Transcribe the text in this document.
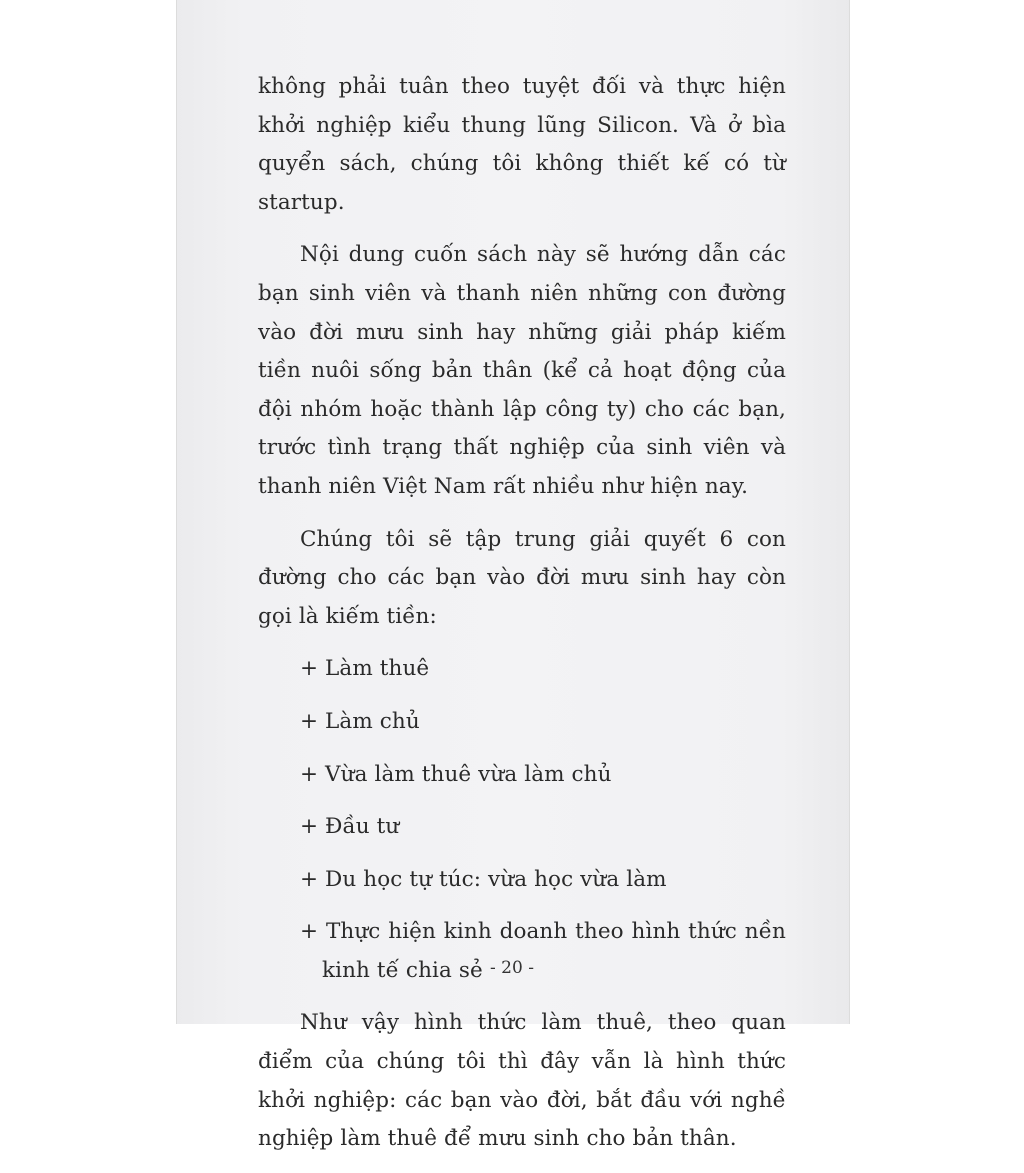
không phải tuân theo tuyệt đối và thực hiện khởi nghiệp kiểu thung lũng Silicon. Và ở bìa quyển sách, chúng tôi không thiết kế có từ startup.

Nội dung cuốn sách này sẽ hướng dẫn các bạn sinh viên và thanh niên những con đường vào đời mưu sinh hay những giải pháp kiếm tiền nuôi sống bản thân (kể cả hoạt động của đội nhóm hoặc thành lập công ty) cho các bạn, trước tình trạng thất nghiệp của sinh viên và thanh niên Việt Nam rất nhiều như hiện nay.

Chúng tôi sẽ tập trung giải quyết 6 con đường cho các bạn vào đời mưu sinh hay còn gọi là kiếm tiền:

+ Làm thuê
+ Làm chủ
+ Vừa làm thuê vừa làm chủ
+ Đầu tư
+ Du học tự túc: vừa học vừa làm
+ Thực hiện kinh doanh theo hình thức nền kinh tế chia sẻ

Như vậy hình thức làm thuê, theo quan điểm của chúng tôi thì đây vẫn là hình thức khởi nghiệp: các bạn vào đời, bắt đầu với nghề nghiệp làm thuê để mưu sinh cho bản thân.

- 20 -
